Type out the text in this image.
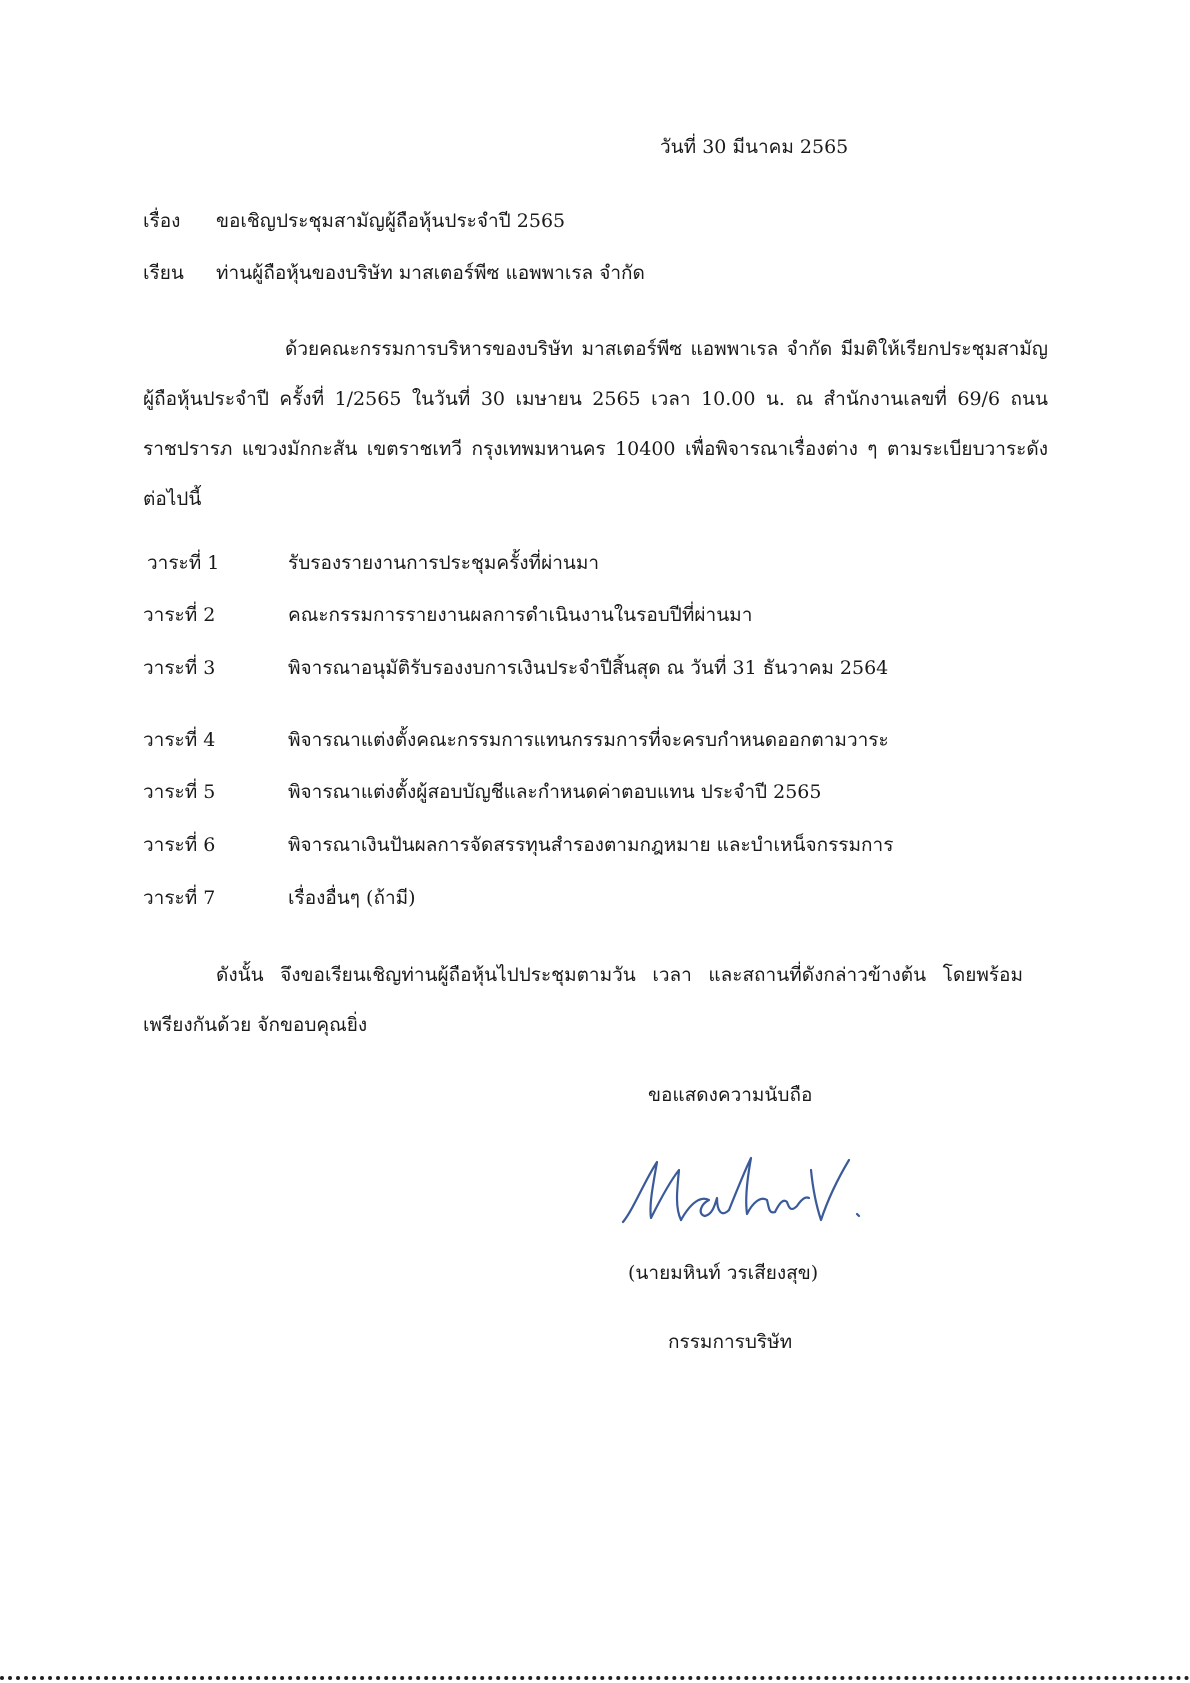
วันที่ 30 มีนาคม 2565
เรื่อง ขอเชิญประชุมสามัญผู้ถือหุ้นประจำปี 2565
เรียน ท่านผู้ถือหุ้นของบริษัท มาสเตอร์พีซ แอพพาเรล จำกัด

ด้วยคณะกรรมการบริหารของบริษัท มาสเตอร์พีซ แอพพาเรล จำกัด มีมติให้เรียกประชุมสามัญผู้ถือหุ้นประจำปี ครั้งที่ 1/2565 ในวันที่ 30 เมษายน 2565 เวลา 10.00 น. ณ สำนักงานเลขที่ 69/6 ถนนราชปรารภ แขวงมักกะสัน เขตราชเทวี กรุงเทพมหานคร 10400 เพื่อพิจารณาเรื่องต่าง ๆ ตามระเบียบวาระดังต่อไปนี้

วาระที่ 1	รับรองรายงานการประชุมครั้งที่ผ่านมา
วาระที่ 2	คณะกรรมการรายงานผลการดำเนินงานในรอบปีที่ผ่านมา
วาระที่ 3	พิจารณาอนุมัติรับรองงบการเงินประจำปีสิ้นสุด ณ วันที่ 31 ธันวาคม 2564
วาระที่ 4	พิจารณาแต่งตั้งคณะกรรมการแทนกรรมการที่จะครบกำหนดออกตามวาระ
วาระที่ 5	พิจารณาแต่งตั้งผู้สอบบัญชีและกำหนดค่าตอบแทน ประจำปี 2565
วาระที่ 6	พิจารณาเงินปันผลการจัดสรรทุนสำรองตามกฎหมาย และบำเหน็จกรรมการ
วาระที่ 7	เรื่องอื่นๆ (ถ้ามี)

ดังนั้น จึงขอเรียนเชิญท่านผู้ถือหุ้นไปประชุมตามวัน เวลา และสถานที่ดังกล่าวข้างต้น โดยพร้อมเพรียงกันด้วย จักขอบคุณยิ่ง

ขอแสดงความนับถือ
(นายมหินท์ วรเสียงสุข)
กรรมการบริษัท
